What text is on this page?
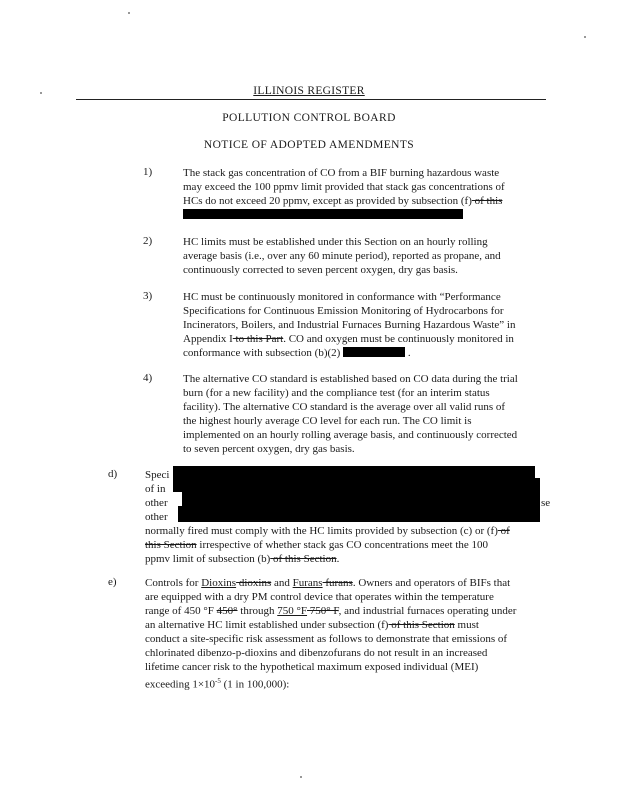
ILLINOIS REGISTER
POLLUTION CONTROL BOARD
NOTICE OF ADOPTED AMENDMENTS
1)	The stack gas concentration of CO from a BIF burning hazardous waste

may exceed the 100 ppmv limit provided that stack gas concentrations of

HCs do not exceed 20 ppmv, except as provided by subsection (f) of this

2)	HC limits must be established under this Section on an hourly rolling

average basis (i.e., over any 60 minute period), reported as propane, and

continuously corrected to seven percent oxygen, dry gas basis.

3)	HC must be continuously monitored in conformance with “Performance

Specifications for Continuous Emission Monitoring of Hydrocarbons for

Incinerators, Boilers, and Industrial Furnaces Burning Hazardous Waste” in

Appendix I to this Part. CO and oxygen must be continuously monitored in

conformance with subsection (b)(2)	.

4)	The alternative CO standard is established based on CO data during the trial

burn (for a new facility) and the compliance test (for an interim status

facility). The alternative CO standard is the average over all valid runs of

the highest hourly average CO level for each run. The CO limit is

implemented on an hourly rolling average basis, and continuously corrected

to seven percent oxygen, dry gas basis.

d)	Speci

of in

other	se

other

normally fired must comply with the HC limits provided by subsection (c) or (f) of

this Section irrespective of whether stack gas CO concentrations meet the 100

ppmv limit of subsection (b) of this Section.

e)	Controls for Dioxins dioxins and Furans furans. Owners and operators of BIFs that

are equipped with a dry PM control device that operates within the temperature

range of 450 °F 450° through 750 °F 750° F, and industrial furnaces operating under

an alternative HC limit established under subsection (f) of this Section must

conduct a site-specific risk assessment as follows to demonstrate that emissions of

chlorinated dibenzo-p-dioxins and dibenzofurans do not result in an increased

lifetime cancer risk to the hypothetical maximum exposed individual (MEI)

exceeding $1\times 10^{-5}$ (1 in 100,000):
